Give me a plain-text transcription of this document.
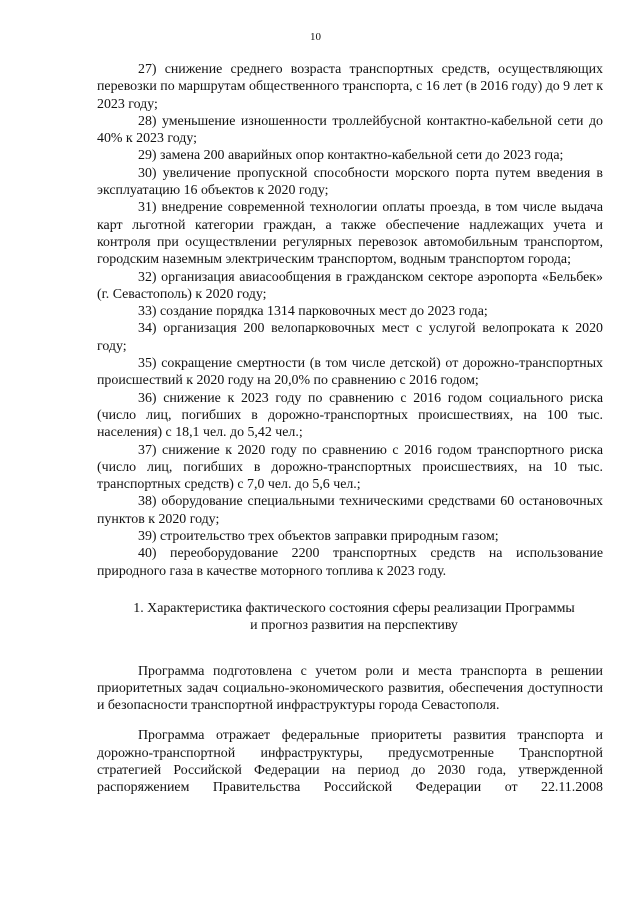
10

27) снижение среднего возраста транспортных средств, осуществляющих перевозки по маршрутам общественного транспорта, с 16 лет (в 2016 году) до 9 лет к 2023 году;

28) уменьшение изношенности троллейбусной контактно-кабельной сети до 40% к 2023 году;

29) замена 200 аварийных опор контактно-кабельной сети до 2023 года;

30) увеличение пропускной способности морского порта путем введения в эксплуатацию 16 объектов к 2020 году;

31) внедрение современной технологии оплаты проезда, в том числе выдача карт льготной категории граждан, а также обеспечение надлежащих учета и контроля при осуществлении регулярных перевозок автомобильным транспортом, городским наземным электрическим транспортом, водным транспортом города;

32) организация авиасообщения в гражданском секторе аэропорта «Бельбек» (г. Севастополь) к 2020 году;

33) создание порядка 1314 парковочных мест до 2023 года;

34) организация 200 велопарковочных мест с услугой велопроката к 2020 году;

35) сокращение смертности (в том числе детской) от дорожно-транспортных происшествий к 2020 году на 20,0% по сравнению с 2016 годом;

36) снижение к 2023 году по сравнению с 2016 годом социального риска (число лиц, погибших в дорожно-транспортных происшествиях, на 100 тыс. населения) с 18,1 чел. до 5,42 чел.;

37) снижение к 2020 году по сравнению с 2016 годом транспортного риска (число лиц, погибших в дорожно-транспортных происшествиях, на 10 тыс. транспортных средств) с 7,0 чел. до 5,6 чел.;

38) оборудование специальными техническими средствами 60 остановочных пунктов к 2020 году;

39) строительство трех объектов заправки природным газом;

40) переоборудование 2200 транспортных средств на использование природного газа в качестве моторного топлива к 2023 году.

1. Характеристика фактического состояния сферы реализации Программы
и прогноз развития на перспективу

Программа подготовлена с учетом роли и места транспорта в решении приоритетных задач социально-экономического развития, обеспечения доступности и безопасности транспортной инфраструктуры города Севастополя.

Программа отражает федеральные приоритеты развития транспорта и дорожно-транспортной инфраструктуры, предусмотренные Транспортной стратегией Российской Федерации на период до 2030 года, утвержденной распоряжением Правительства Российской Федерации от 22.11.2008
